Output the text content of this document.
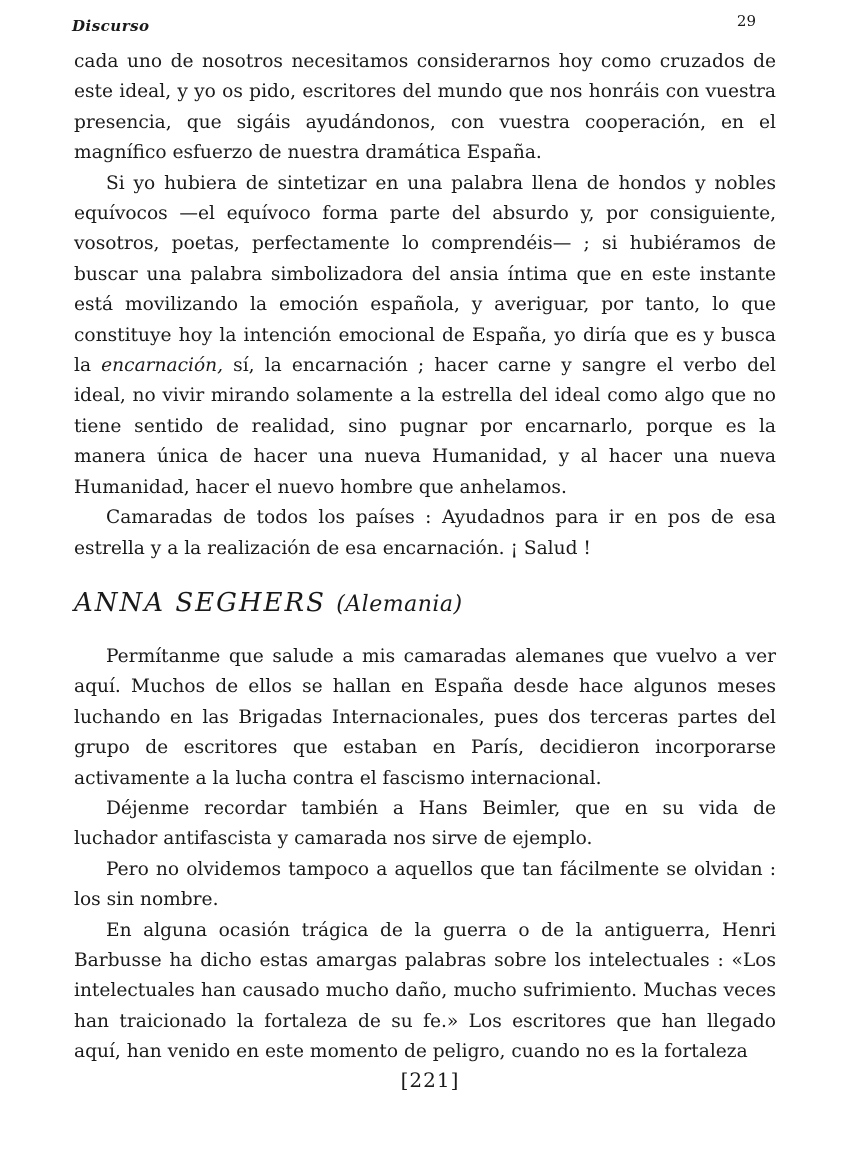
Discurso	29

cada uno de nosotros necesitamos considerarnos hoy como cruzados de este ideal, y yo os pido, escritores del mundo que nos honráis con vuestra presencia, que sigáis ayudándonos, con vuestra cooperación, en el magnífico esfuerzo de nuestra dramática España.

Si yo hubiera de sintetizar en una palabra llena de hondos y nobles equívocos —el equívoco forma parte del absurdo y, por consiguiente, vosotros, poetas, perfectamente lo comprendéis— ; si hubiéramos de buscar una palabra simbolizadora del ansia íntima que en este instante está movilizando la emoción española, y averiguar, por tanto, lo que constituye hoy la intención emocional de España, yo diría que es y busca la encarnación, sí, la encarnación ; hacer carne y sangre el verbo del ideal, no vivir mirando solamente a la estrella del ideal como algo que no tiene sentido de realidad, sino pugnar por encarnarlo, porque es la manera única de hacer una nueva Humanidad, y al hacer una nueva Humanidad, hacer el nuevo hombre que anhelamos.

Camaradas de todos los países : Ayudadnos para ir en pos de esa estrella y a la realización de esa encarnación. ¡ Salud !

ANNA SEGHERS (Alemania)

Permítanme que salude a mis camaradas alemanes que vuelvo a ver aquí. Muchos de ellos se hallan en España desde hace algunos meses luchando en las Brigadas Internacionales, pues dos terceras partes del grupo de escritores que estaban en París, decidieron incorporarse activamente a la lucha contra el fascismo internacional.

Déjenme recordar también a Hans Beimler, que en su vida de luchador antifascista y camarada nos sirve de ejemplo.

Pero no olvidemos tampoco a aquellos que tan fácilmente se olvidan : los sin nombre.

En alguna ocasión trágica de la guerra o de la antiguerra, Henri Barbusse ha dicho estas amargas palabras sobre los intelectuales : «Los intelectuales han causado mucho daño, mucho sufrimiento. Muchas veces han traicionado la fortaleza de su fe.» Los escritores que han llegado aquí, han venido en este momento de peligro, cuando no es la fortaleza

[221]
